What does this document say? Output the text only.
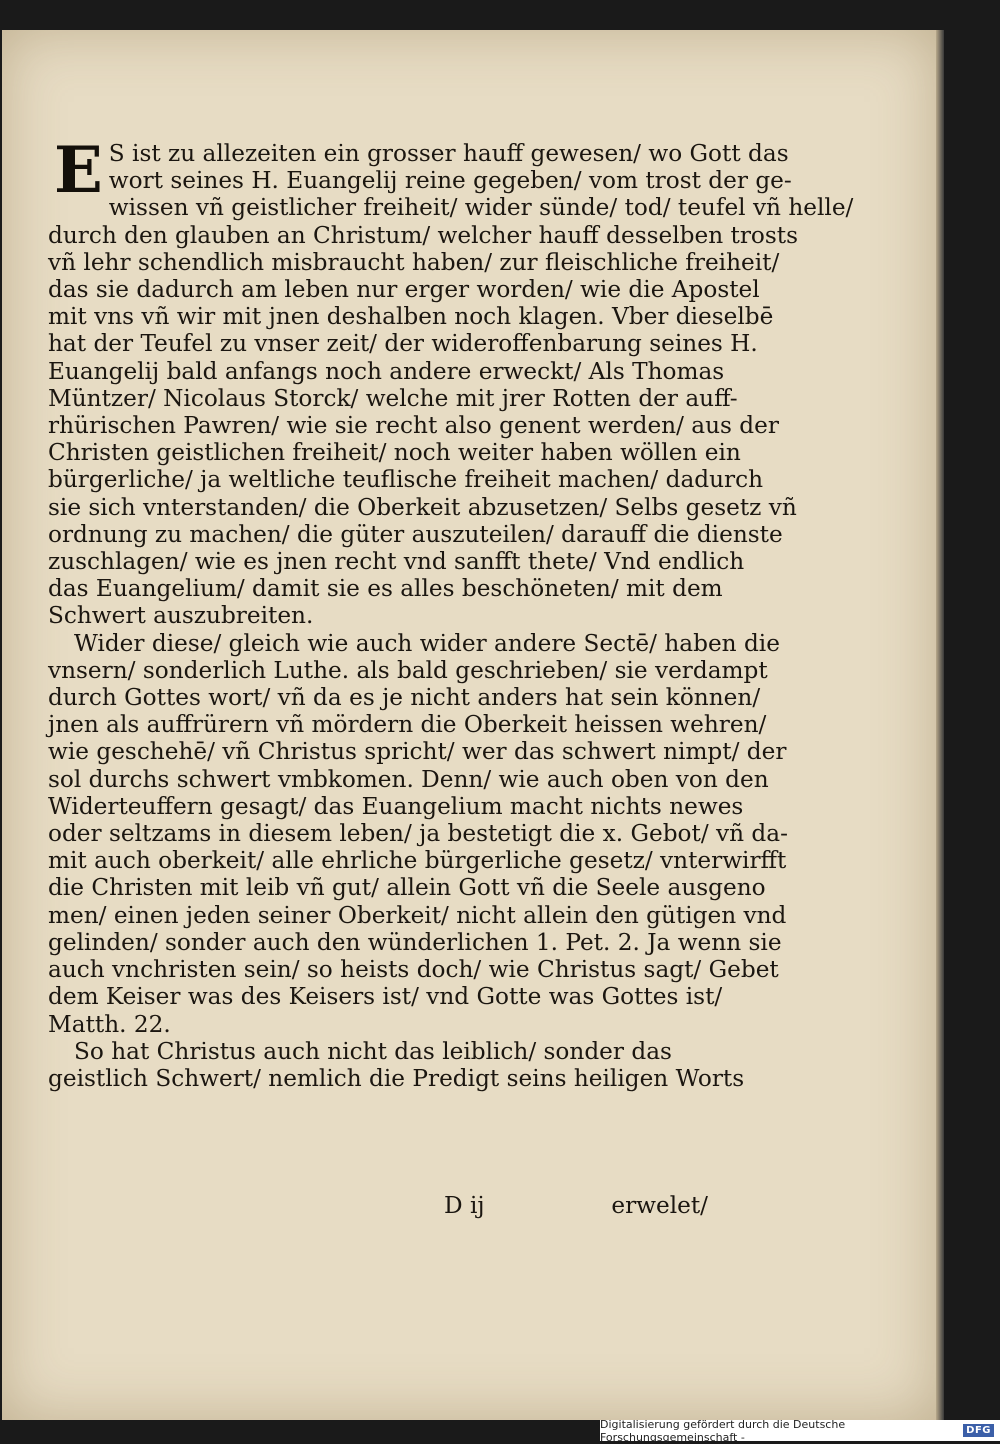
E S ist zu allezeiten ein grosser hauff gewesen/ wo Gott das
wort seines H. Euangelij reine gegeben/ vom trost der ge-
wissen vñ geistlicher freiheit/ wider sünde/ tod/ teufel vñ helle/
durch den glauben an Christum/ welcher hauff desselben trosts
vñ lehr schendlich misbraucht haben/ zur fleischliche freiheit/
das sie dadurch am leben nur erger worden/ wie die Apostel
mit vns vñ wir mit jnen deshalben noch klagen. Vber dieselbē
hat der Teufel zu vnser zeit/ der wideroffenbarung seines H.
Euangelij bald anfangs noch andere erweckt/ Als Thomas
Müntzer/ Nicolaus Storck/ welche mit jrer Rotten der auff-
rhürischen Pawren/ wie sie recht also genent werden/ aus der
Christen geistlichen freiheit/ noch weiter haben wöllen ein
bürgerliche/ ja weltliche teuflische freiheit machen/ dadurch
sie sich vnterstanden/ die Oberkeit abzusetzen/ Selbs gesetz vñ
ordnung zu machen/ die güter auszuteilen/ darauff die dienste
zuschlagen/ wie es jnen recht vnd sanfft thete/ Vnd endlich
das Euangelium/ damit sie es alles beschöneten/ mit dem
Schwert auszubreiten.
Wider diese/ gleich wie auch wider andere Sectē/ haben die
vnsern/ sonderlich Luthe. als bald geschrieben/ sie verdampt
durch Gottes wort/ vñ da es je nicht anders hat sein können/
jnen als auffrürern vñ mördern die Oberkeit heissen wehren/
wie geschehē/ vñ Christus spricht/ wer das schwert nimpt/ der
sol durchs schwert vmbkomen. Denn/ wie auch oben von den
Widerteuffern gesagt/ das Euangelium macht nichts newes
oder seltzams in diesem leben/ ja bestetigt die x. Gebot/ vñ da-
mit auch oberkeit/ alle ehrliche bürgerliche gesetz/ vnterwirfft
die Christen mit leib vñ gut/ allein Gott vñ die Seele ausgeno
men/ einen jeden seiner Oberkeit/ nicht allein den gütigen vnd
gelinden/ sonder auch den wünderlichen 1. Pet. 2. Ja wenn sie
auch vnchristen sein/ so heists doch/ wie Christus sagt/ Gebet
dem Keiser was des Keisers ist/ vnd Gotte was Gottes ist/
Matth. 22.
So hat Christus auch nicht das leiblich/ sonder das
geistlich Schwert/ nemlich die Predigt seins heiligen Worts
D ij	erwelet/
Digitalisierung gefördert durch die Deutsche Forschungsgemeinschaft -	DFG
